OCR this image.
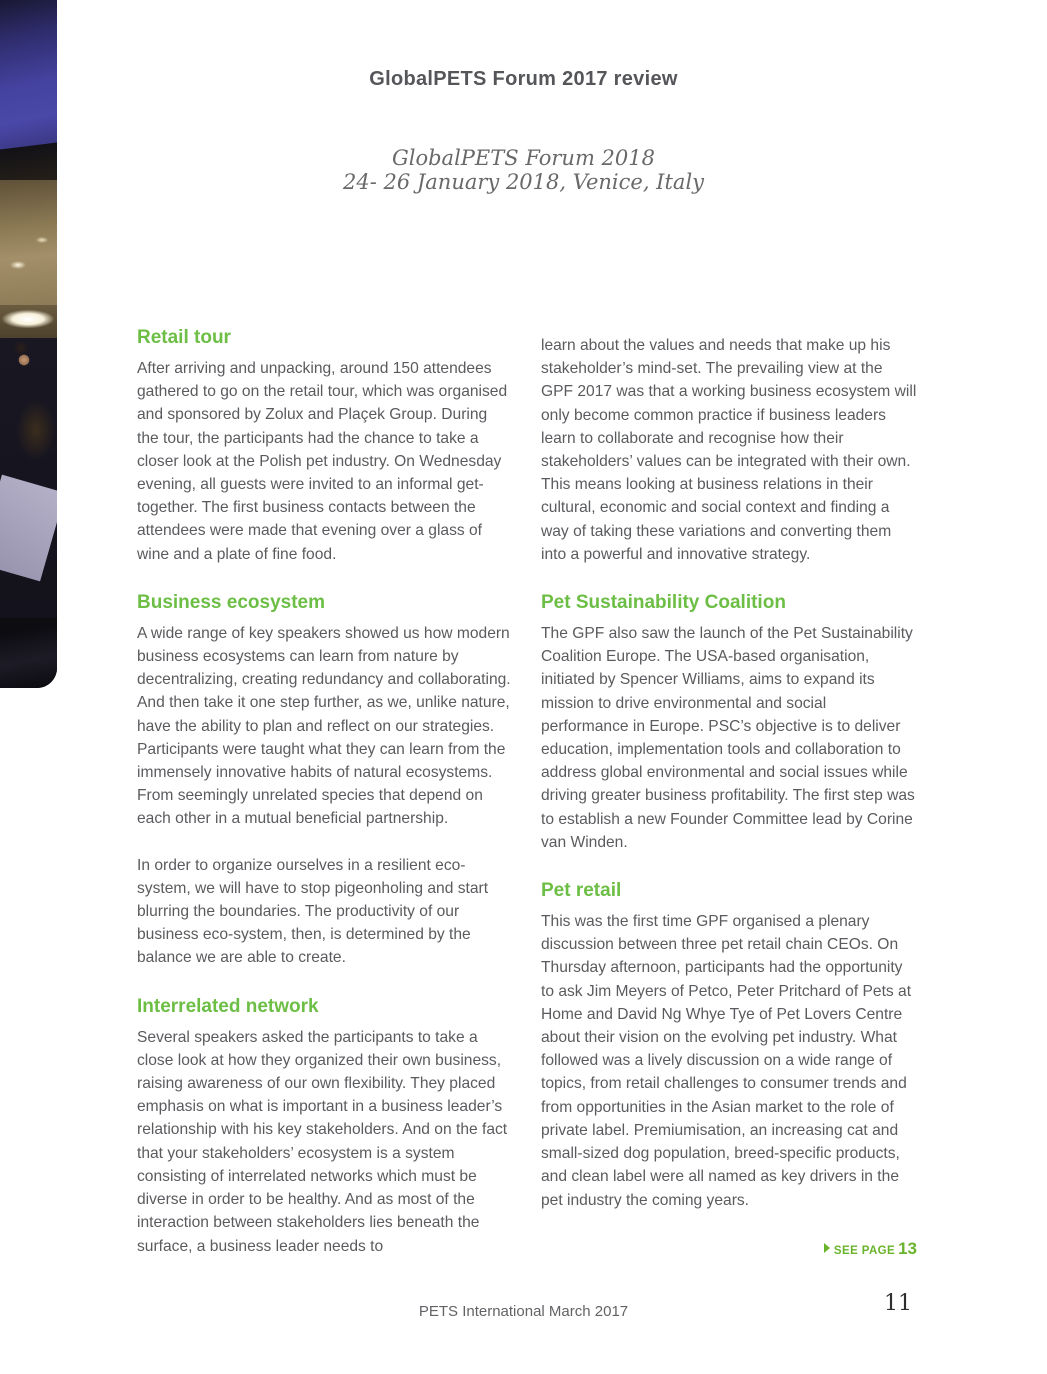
GlobalPETS Forum 2017 review
GlobalPETS Forum 2018
24- 26 January 2018, Venice, Italy
Retail tour

After arriving and unpacking, around 150 attendees gathered to go on the retail tour, which was organised and sponsored by Zolux and Plaçek Group. During the tour, the participants had the chance to take a closer look at the Polish pet industry. On Wednesday evening, all guests were invited to an informal get-together. The first business contacts between the attendees were made that evening over a glass of wine and a plate of fine food.

Business ecosystem

A wide range of key speakers showed us how modern business ecosystems can learn from nature by decentralizing, creating redundancy and collaborating. And then take it one step further, as we, unlike nature, have the ability to plan and reflect on our strategies. Participants were taught what they can learn from the immensely innovative habits of natural ecosystems. From seemingly unrelated species that depend on each other in a mutual beneficial partnership.

In order to organize ourselves in a resilient eco-system, we will have to stop pigeonholing and start blurring the boundaries. The productivity of our business eco-system, then, is determined by the balance we are able to create.

Interrelated network

Several speakers asked the participants to take a close look at how they organized their own business, raising awareness of our own flexibility. They placed emphasis on what is important in a business leader’s relationship with his key stakeholders. And on the fact that your stakeholders’ ecosystem is a system consisting of interrelated networks which must be diverse in order to be healthy. And as most of the interaction between stakeholders lies beneath the surface, a business leader needs to

learn about the values and needs that make up his stakeholder’s mind-set. The prevailing view at the GPF 2017 was that a working business ecosystem will only become common practice if business leaders learn to collaborate and recognise how their stakeholders’ values can be integrated with their own. This means looking at business relations in their cultural, economic and social context and finding a way of taking these variations and converting them into a powerful and innovative strategy.

Pet Sustainability Coalition

The GPF also saw the launch of the Pet Sustainability Coalition Europe. The USA-based organisation, initiated by Spencer Williams, aims to expand its mission to drive environmental and social performance in Europe. PSC’s objective is to deliver education, implementation tools and collaboration to address global environmental and social issues while driving greater business profitability. The first step was to establish a new Founder Committee lead by Corine van Winden.

Pet retail

This was the first time GPF organised a plenary discussion between three pet retail chain CEOs. On Thursday afternoon, participants had the opportunity to ask Jim Meyers of Petco, Peter Pritchard of Pets at Home and David Ng Whye Tye of Pet Lovers Centre about their vision on the evolving pet industry. What followed was a lively discussion on a wide range of topics, from retail challenges to consumer trends and from opportunities in the Asian market to the role of private label. Premiumisation, an increasing cat and small-sized dog population, breed-specific products, and clean label were all named as key drivers in the pet industry the coming years.

SEE PAGE 13
PETS International March 2017	11
